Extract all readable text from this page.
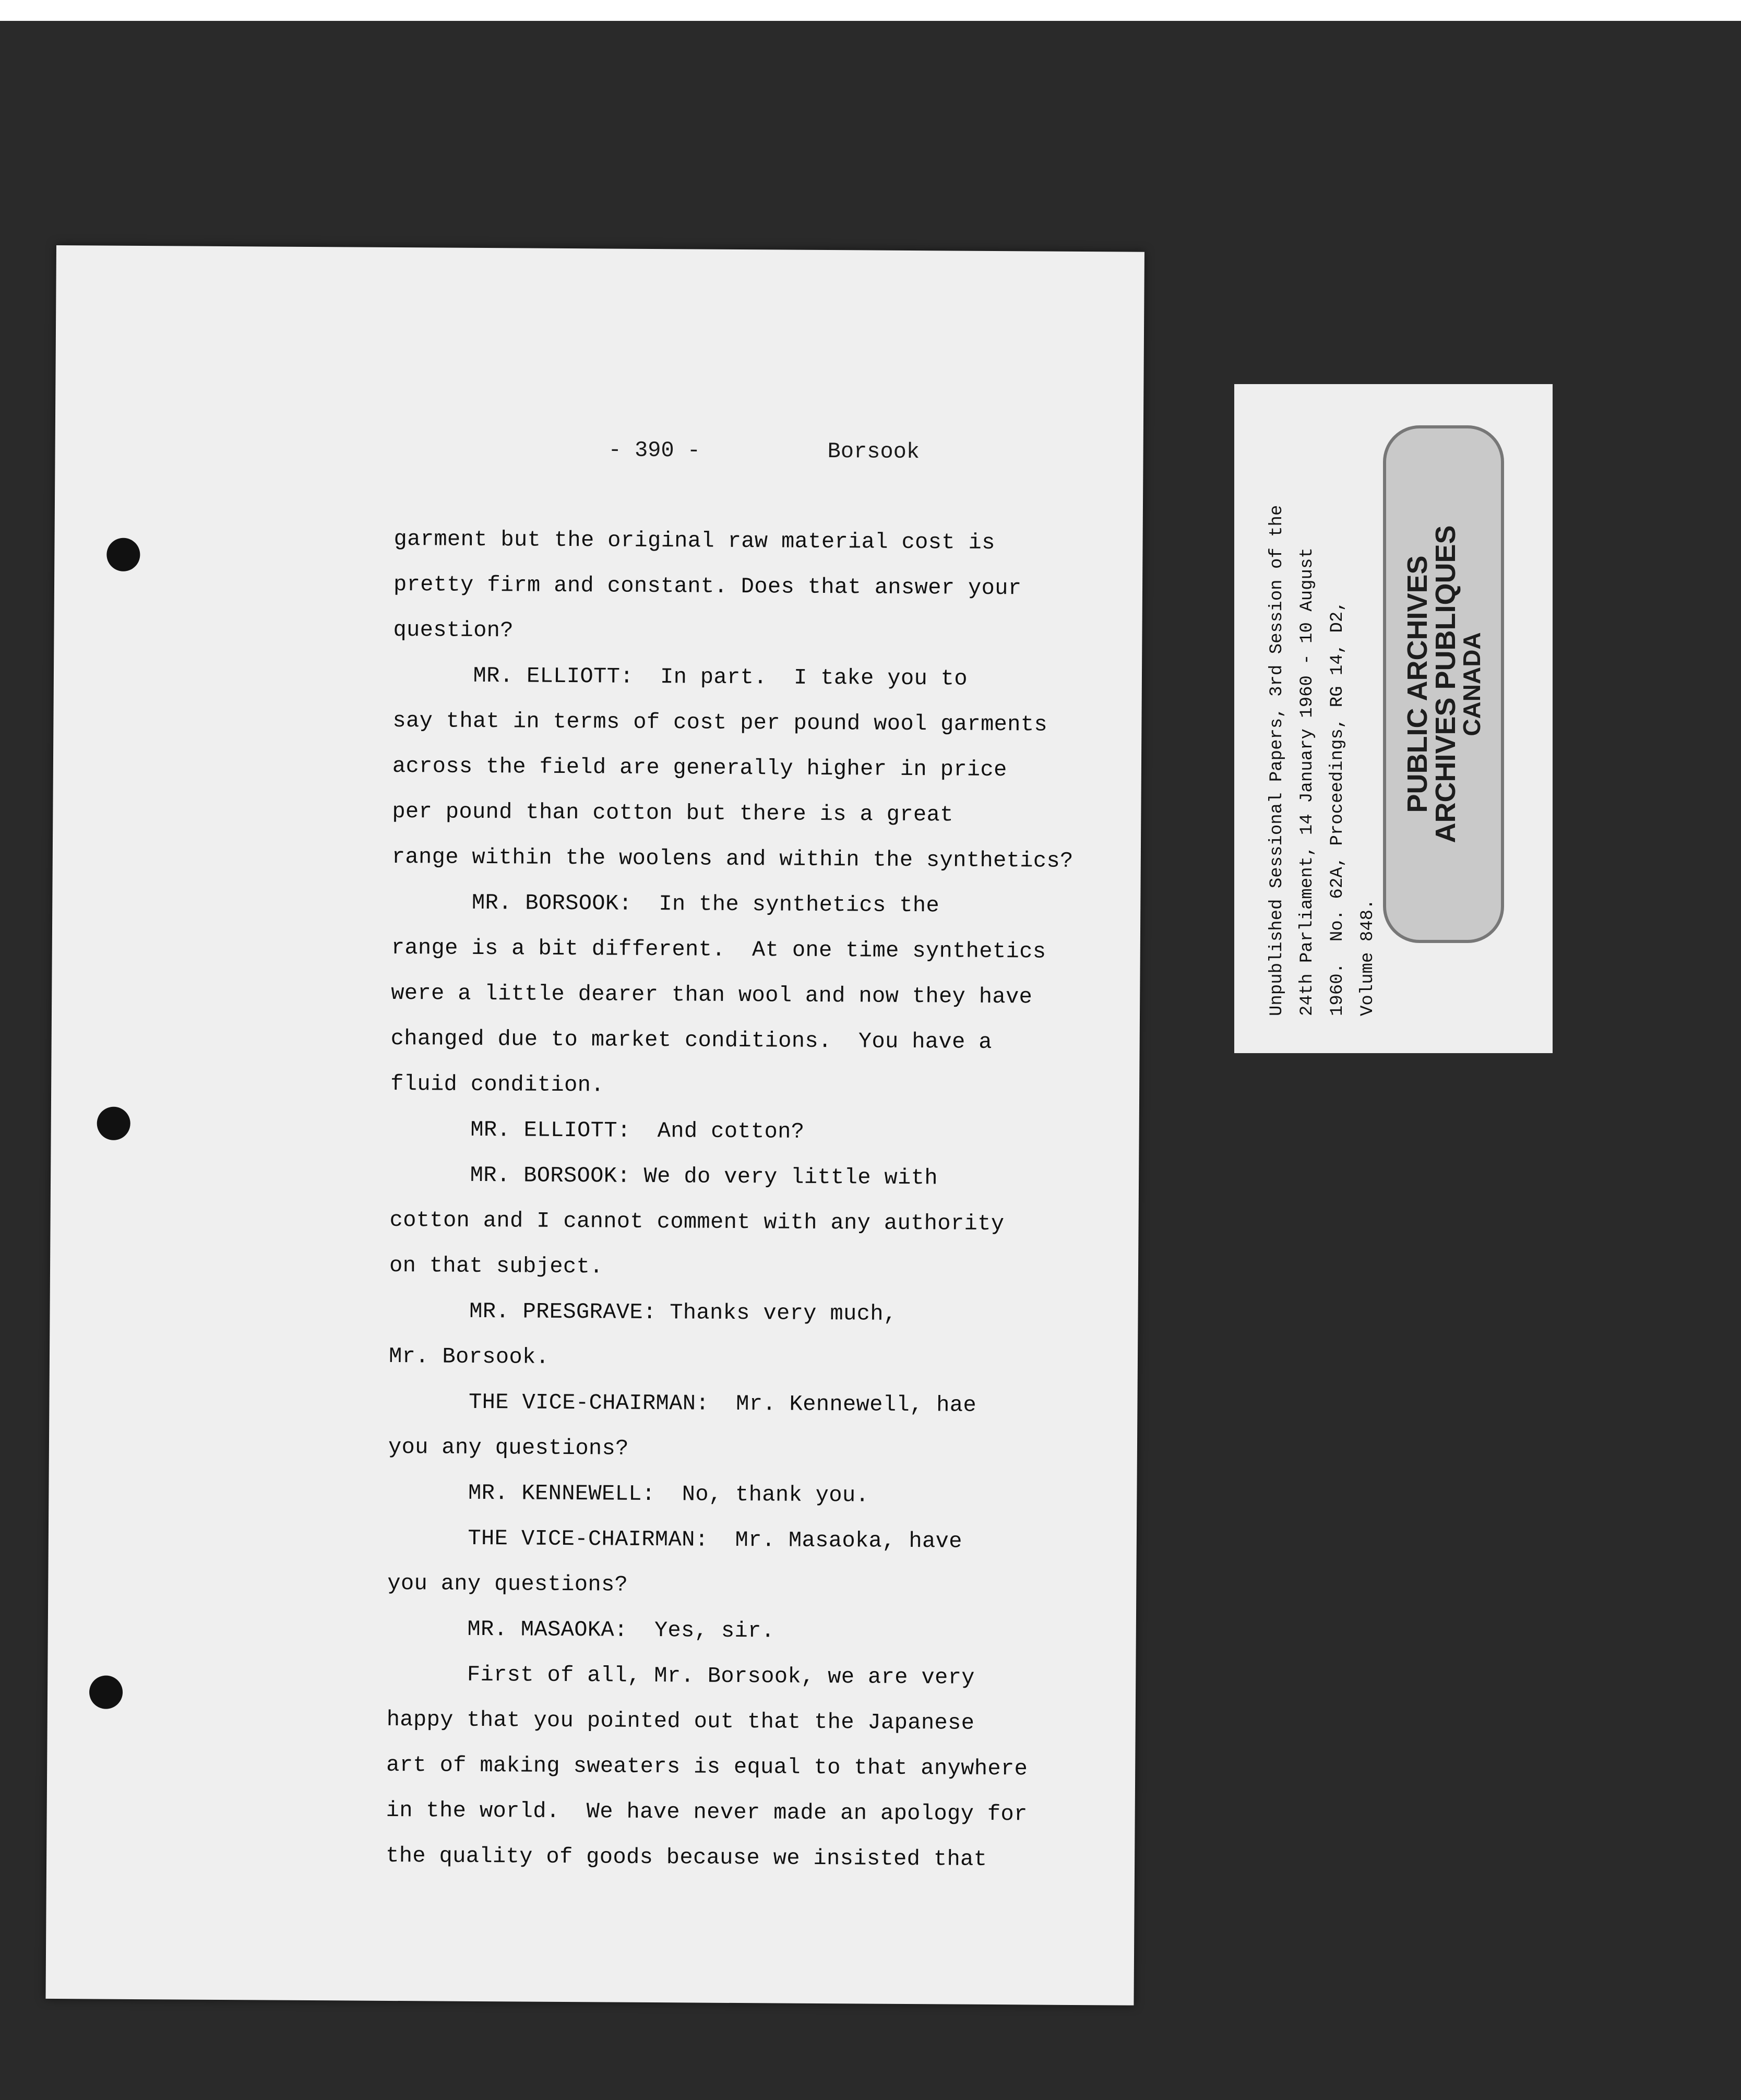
- 390 -	Borsook
garment but the original raw material cost is
pretty firm and constant. Does that answer your
question?
MR. ELLIOTT:  In part.  I take you to
say that in terms of cost per pound wool garments
across the field are generally higher in price
per pound than cotton but there is a great
range within the woolens and within the synthetics?
MR. BORSOOK:  In the synthetics the
range is a bit different.  At one time synthetics
were a little dearer than wool and now they have
changed due to market conditions.  You have a
fluid condition.
MR. ELLIOTT:  And cotton?
MR. BORSOOK: We do very little with
cotton and I cannot comment with any authority
on that subject.
MR. PRESGRAVE: Thanks very much,
Mr. Borsook.
THE VICE-CHAIRMAN:  Mr. Kennewell, hae
you any questions?
MR. KENNEWELL:  No, thank you.
THE VICE-CHAIRMAN:  Mr. Masaoka, have
you any questions?
MR. MASAOKA:  Yes, sir.
First of all, Mr. Borsook, we are very
happy that you pointed out that the Japanese
art of making sweaters is equal to that anywhere
in the world.  We have never made an apology for
the quality of goods because we insisted that
Unpublished Sessional Papers, 3rd Session of the 24th Parliament, 14 January 1960 - 10 August 1960.  No. 62A, Proceedings, RG 14, D2, Volume 848.
PUBLIC ARCHIVES
ARCHIVES PUBLIQUES
CANADA
